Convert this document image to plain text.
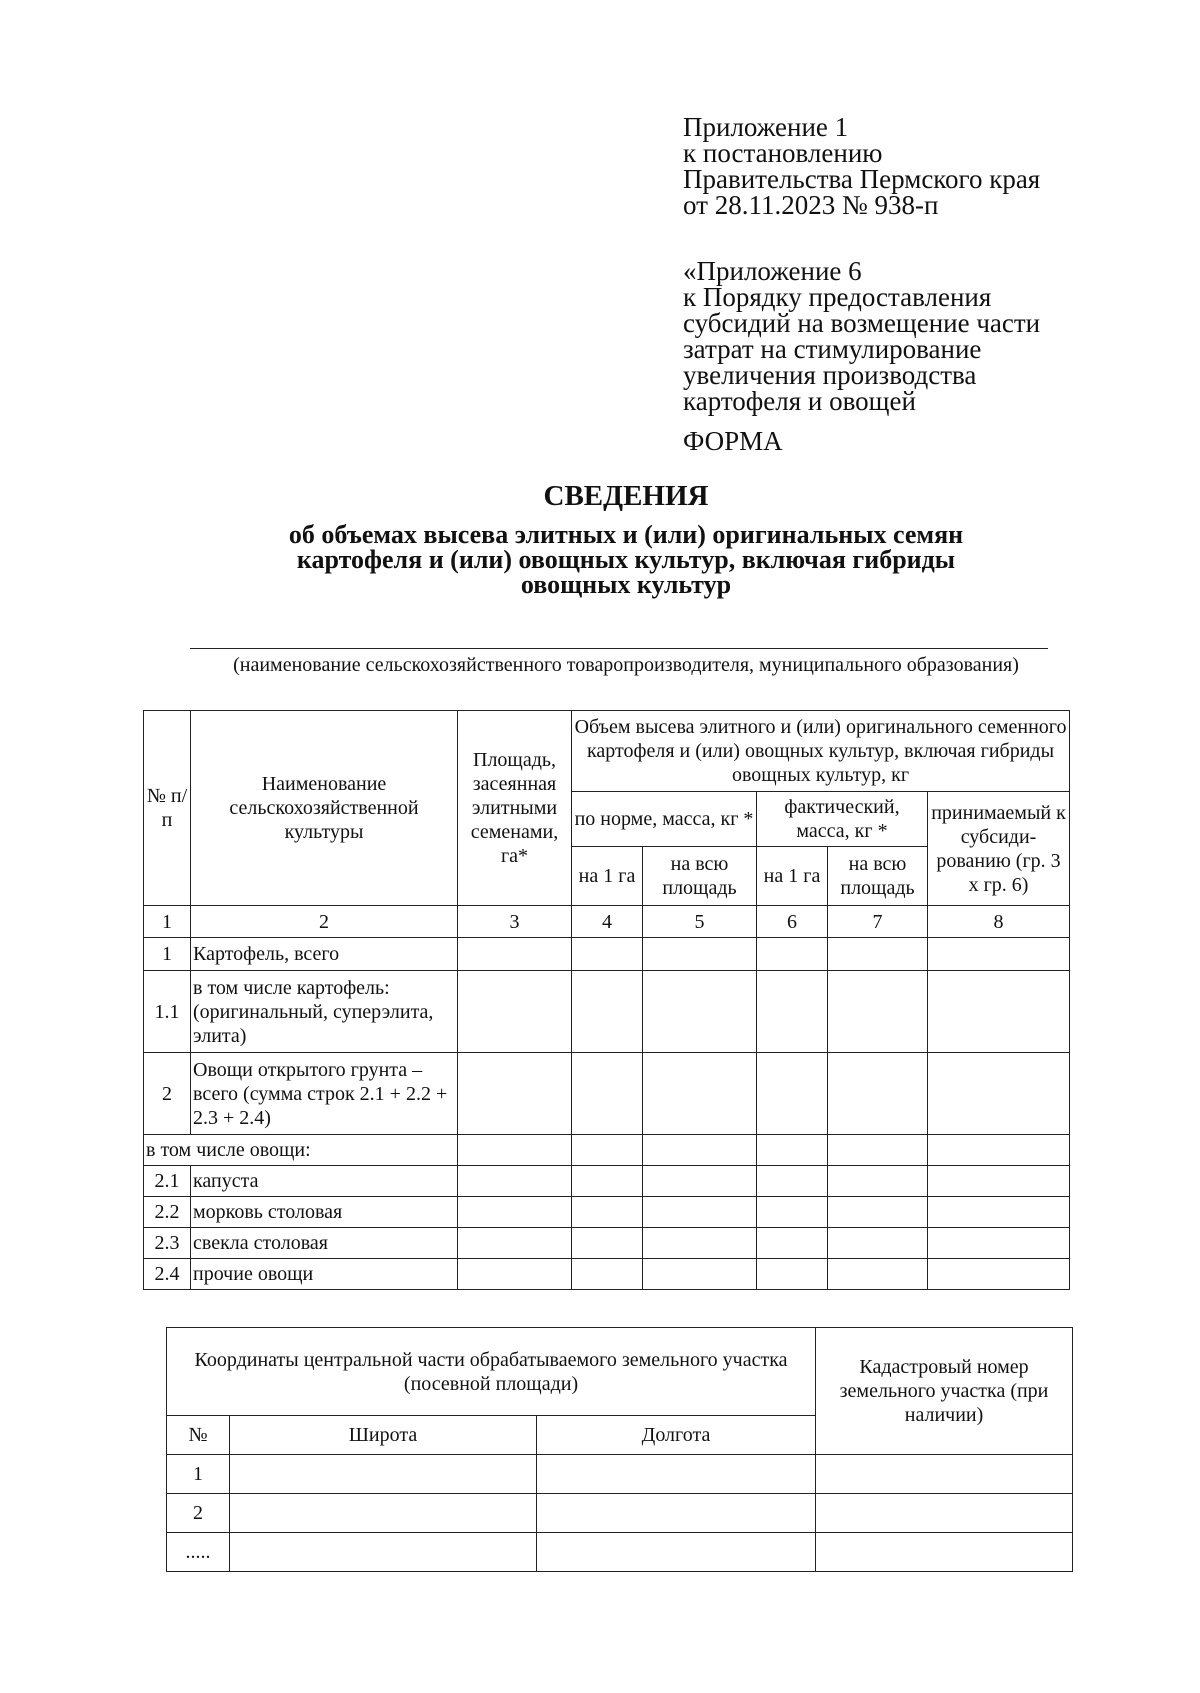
Приложение 1
к постановлению
Правительства Пермского края
от 28.11.2023 № 938-п
«Приложение 6
к Порядку предоставления
субсидий на возмещение части
затрат на стимулирование
увеличения производства
картофеля и овощей
ФОРМА
СВЕДЕНИЯ
об объемах высева элитных и (или) оригинальных семян
картофеля и (или) овощных культур, включая гибриды
овощных культур
(наименование сельскохозяйственного товаропроизводителя, муниципального образования)
№ п/п	Наименование сельскохозяйственной культуры	Площадь, засеянная элитными семенами, га*	Объем высева элитного и (или) оригинального семенного картофеля и (или) овощных культур, включая гибриды овощных культур, кг				
			по норме, масса, кг *		фактический, масса, кг *		принимаемый к субсиди-рованию (гр. 3 х гр. 6)
			на 1 га	на всю площадь	на 1 га	на всю площадь	
1	2	3	4	5	6	7	8
1	Картофель, всего						
1.1	в том числе картофель: (оригинальный, суперэлита, элита)						
2	Овощи открытого грунта – всего (сумма строк 2.1 + 2.2 + 2.3 + 2.4)						
в том числе овощи:							
2.1	капуста						
2.2	морковь столовая						
2.3	свекла столовая						
2.4	прочие овощи						
Координаты центральной части обрабатываемого земельного участка (посевной площади)			Кадастровый номер земельного участка (при наличии)
№	Широта	Долгота	
1			
2			
.....			
